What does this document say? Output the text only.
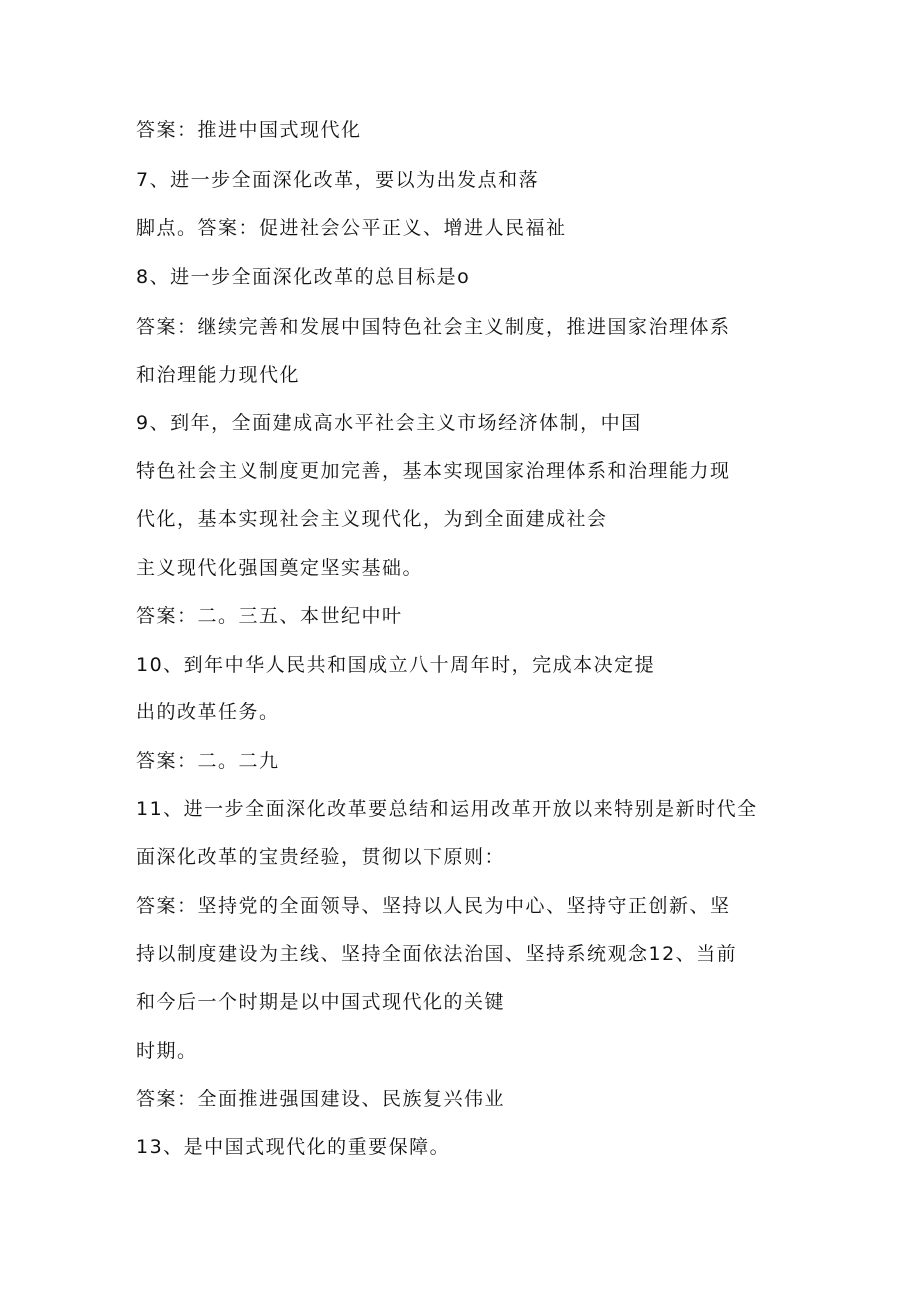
答案：推进中国式现代化
7、进一步全面深化改革，要以为出发点和落
脚点。答案：促进社会公平正义、增进人民福祉
8、进一步全面深化改革的总目标是o
答案：继续完善和发展中国特色社会主义制度，推进国家治理体系
和治理能力现代化
9、到年，全面建成高水平社会主义市场经济体制，中国
特色社会主义制度更加完善，基本实现国家治理体系和治理能力现
代化，基本实现社会主义现代化，为到全面建成社会
主义现代化强国奠定坚实基础。
答案：二。三五、本世纪中叶
10、到年中华人民共和国成立八十周年时，完成本决定提
出的改革任务。
答案：二。二九
11、进一步全面深化改革要总结和运用改革开放以来特别是新时代全
面深化改革的宝贵经验，贯彻以下原则：
答案：坚持党的全面领导、坚持以人民为中心、坚持守正创新、坚
持以制度建设为主线、坚持全面依法治国、坚持系统观念12、当前
和今后一个时期是以中国式现代化的关键
时期。
答案：全面推进强国建设、民族复兴伟业
13、是中国式现代化的重要保障。
